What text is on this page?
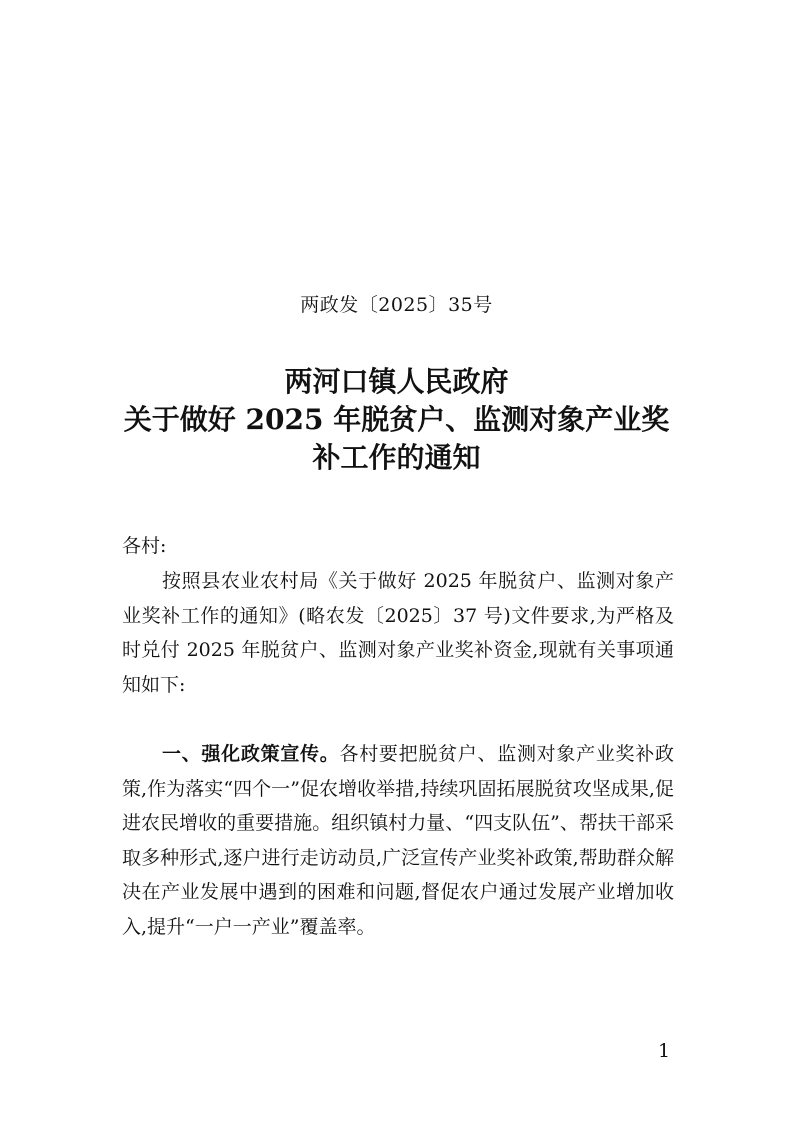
两政发〔2025〕35号
两河口镇人民政府
关于做好 2025 年脱贫户、监测对象产业奖
补工作的通知

各村:

按照县农业农村局《关于做好 2025 年脱贫户、监测对象产业奖补工作的通知》(略农发〔2025〕37 号)文件要求,为严格及时兑付 2025 年脱贫户、监测对象产业奖补资金,现就有关事项通知如下:

一、强化政策宣传。各村要把脱贫户、监测对象产业奖补政策,作为落实“四个一”促农增收举措,持续巩固拓展脱贫攻坚成果,促进农民增收的重要措施。组织镇村力量、“四支队伍”、帮扶干部采取多种形式,逐户进行走访动员,广泛宣传产业奖补政策,帮助群众解决在产业发展中遇到的困难和问题,督促农户通过发展产业增加收入,提升“一户一产业”覆盖率。

1
